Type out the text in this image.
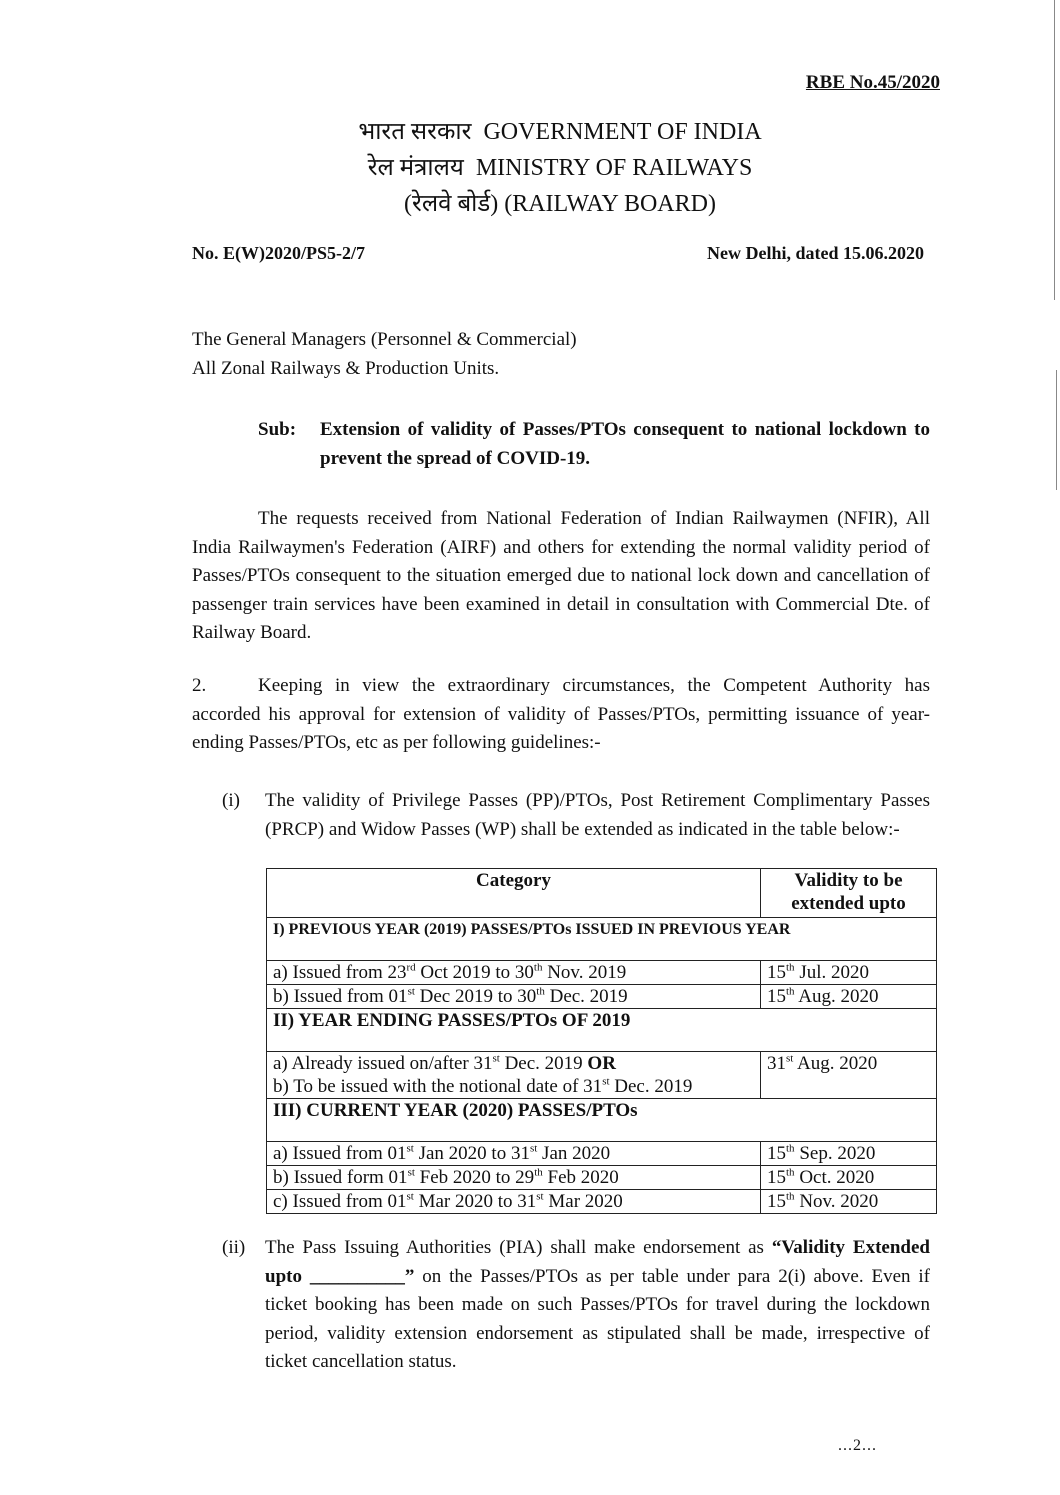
RBE No.45/2020
भारत सरकार GOVERNMENT OF INDIA
रेल मंत्रालय MINISTRY OF RAILWAYS
(रेलवे बोर्ड) (RAILWAY BOARD)
No. E(W)2020/PS5-2/7	New Delhi, dated 15.06.2020
The General Managers (Personnel & Commercial)
All Zonal Railways & Production Units.
Sub: Extension of validity of Passes/PTOs consequent to national lockdown to prevent the spread of COVID-19.
The requests received from National Federation of Indian Railwaymen (NFIR), All India Railwaymen's Federation (AIRF) and others for extending the normal validity period of Passes/PTOs consequent to the situation emerged due to national lock down and cancellation of passenger train services have been examined in detail in consultation with Commercial Dte. of Railway Board.
2.	Keeping in view the extraordinary circumstances, the Competent Authority has accorded his approval for extension of validity of Passes/PTOs, permitting issuance of year-ending Passes/PTOs, etc as per following guidelines:-
(i) The validity of Privilege Passes (PP)/PTOs, Post Retirement Complimentary Passes (PRCP) and Widow Passes (WP) shall be extended as indicated in the table below:-
Category	Validity to be extended upto
I) PREVIOUS YEAR (2019) PASSES/PTOs ISSUED IN PREVIOUS YEAR	
a) Issued from 23rd Oct 2019 to 30th Nov. 2019	15th Jul. 2020
b) Issued from 01st Dec 2019 to 30th Dec. 2019	15th Aug. 2020
II) YEAR ENDING PASSES/PTOs OF 2019	
a) Already issued on/after 31st Dec. 2019 OR
b) To be issued with the notional date of 31st Dec. 2019	31st Aug. 2020
III) CURRENT YEAR (2020) PASSES/PTOs	
a) Issued from 01st Jan 2020 to 31st Jan 2020	15th Sep. 2020
b) Issued form 01st Feb 2020 to 29th Feb 2020	15th Oct. 2020
c) Issued from 01st Mar 2020 to 31st Mar 2020	15th Nov. 2020
(ii) The Pass Issuing Authorities (PIA) shall make endorsement as “Validity Extended upto __________” on the Passes/PTOs as per table under para 2(i) above. Even if ticket booking has been made on such Passes/PTOs for travel during the lockdown period, validity extension endorsement as stipulated shall be made, irrespective of ticket cancellation status.
...2...
